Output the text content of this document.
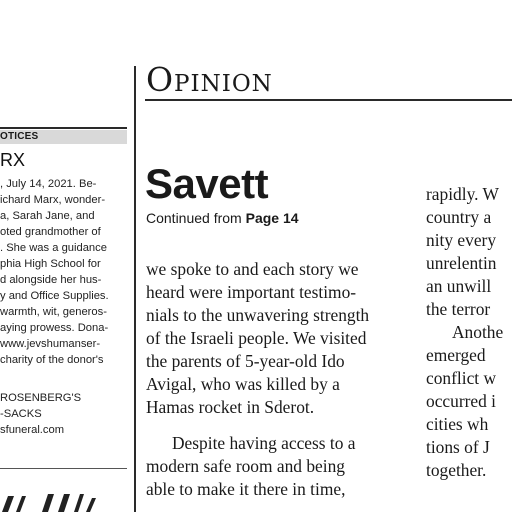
OTICES
RX
, July 14, 2021. Be-
ichard Marx, wonder-
a, Sarah Jane, and
oted grandmother of
. She was a guidance
phia High School for
d alongside her hus-
y and Office Supplies.
warmth, wit, generos-
aying prowess. Dona-
www.jevshumanser-
charity of the donor's
ROSENBERG'S
-SACKS
sfuneral.com
Opinion
Savett
Continued from Page 14
we spoke to and each story we
heard were important testimo-
nials to the unwavering strength
of the Israeli people. We visited
the parents of 5-year-old Ido
Avigal, who was killed by a
Hamas rocket in Sderot.
Despite having access to a
modern safe room and being
able to make it there in time,
rapidly. W
country a
nity every
unrelentin
an unwill
the terror
Anothe
emerged
conflict w
occurred i
cities wh
tions of J
together.
